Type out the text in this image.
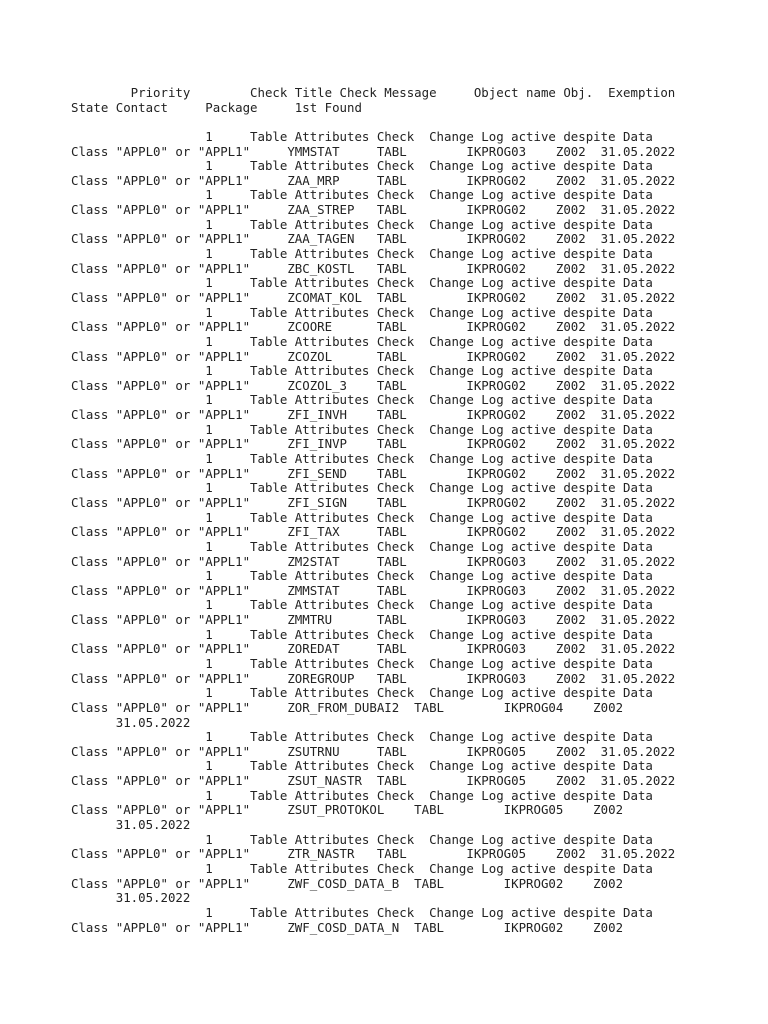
Priority        Check Title Check Message     Object name Obj.  Exemption
State Contact     Package     1st Found
1     Table Attributes Check  Change Log active despite Data
Class "APPL0" or "APPL1"     YMMSTAT     TABL        IKPROG03    Z002  31.05.2022
1     Table Attributes Check  Change Log active despite Data
Class "APPL0" or "APPL1"     ZAA_MRP     TABL        IKPROG02    Z002  31.05.2022
1     Table Attributes Check  Change Log active despite Data
Class "APPL0" or "APPL1"     ZAA_STREP   TABL        IKPROG02    Z002  31.05.2022
1     Table Attributes Check  Change Log active despite Data
Class "APPL0" or "APPL1"     ZAA_TAGEN   TABL        IKPROG02    Z002  31.05.2022
1     Table Attributes Check  Change Log active despite Data
Class "APPL0" or "APPL1"     ZBC_KOSTL   TABL        IKPROG02    Z002  31.05.2022
1     Table Attributes Check  Change Log active despite Data
Class "APPL0" or "APPL1"     ZCOMAT_KOL  TABL        IKPROG02    Z002  31.05.2022
1     Table Attributes Check  Change Log active despite Data
Class "APPL0" or "APPL1"     ZCOORE      TABL        IKPROG02    Z002  31.05.2022
1     Table Attributes Check  Change Log active despite Data
Class "APPL0" or "APPL1"     ZCOZOL      TABL        IKPROG02    Z002  31.05.2022
1     Table Attributes Check  Change Log active despite Data
Class "APPL0" or "APPL1"     ZCOZOL_3    TABL        IKPROG02    Z002  31.05.2022
1     Table Attributes Check  Change Log active despite Data
Class "APPL0" or "APPL1"     ZFI_INVH    TABL        IKPROG02    Z002  31.05.2022
1     Table Attributes Check  Change Log active despite Data
Class "APPL0" or "APPL1"     ZFI_INVP    TABL        IKPROG02    Z002  31.05.2022
1     Table Attributes Check  Change Log active despite Data
Class "APPL0" or "APPL1"     ZFI_SEND    TABL        IKPROG02    Z002  31.05.2022
1     Table Attributes Check  Change Log active despite Data
Class "APPL0" or "APPL1"     ZFI_SIGN    TABL        IKPROG02    Z002  31.05.2022
1     Table Attributes Check  Change Log active despite Data
Class "APPL0" or "APPL1"     ZFI_TAX     TABL        IKPROG02    Z002  31.05.2022
1     Table Attributes Check  Change Log active despite Data
Class "APPL0" or "APPL1"     ZM2STAT     TABL        IKPROG03    Z002  31.05.2022
1     Table Attributes Check  Change Log active despite Data
Class "APPL0" or "APPL1"     ZMMSTAT     TABL        IKPROG03    Z002  31.05.2022
1     Table Attributes Check  Change Log active despite Data
Class "APPL0" or "APPL1"     ZMMTRU      TABL        IKPROG03    Z002  31.05.2022
1     Table Attributes Check  Change Log active despite Data
Class "APPL0" or "APPL1"     ZOREDAT     TABL        IKPROG03    Z002  31.05.2022
1     Table Attributes Check  Change Log active despite Data
Class "APPL0" or "APPL1"     ZOREGROUP   TABL        IKPROG03    Z002  31.05.2022
1     Table Attributes Check  Change Log active despite Data
Class "APPL0" or "APPL1"     ZOR_FROM_DUBAI2  TABL        IKPROG04    Z002
31.05.2022
1     Table Attributes Check  Change Log active despite Data
Class "APPL0" or "APPL1"     ZSUTRNU     TABL        IKPROG05    Z002  31.05.2022
1     Table Attributes Check  Change Log active despite Data
Class "APPL0" or "APPL1"     ZSUT_NASTR  TABL        IKPROG05    Z002  31.05.2022
1     Table Attributes Check  Change Log active despite Data
Class "APPL0" or "APPL1"     ZSUT_PROTOKOL    TABL        IKPROG05    Z002
31.05.2022
1     Table Attributes Check  Change Log active despite Data
Class "APPL0" or "APPL1"     ZTR_NASTR   TABL        IKPROG05    Z002  31.05.2022
1     Table Attributes Check  Change Log active despite Data
Class "APPL0" or "APPL1"     ZWF_COSD_DATA_B  TABL        IKPROG02    Z002
31.05.2022
1     Table Attributes Check  Change Log active despite Data
Class "APPL0" or "APPL1"     ZWF_COSD_DATA_N  TABL        IKPROG02    Z002
